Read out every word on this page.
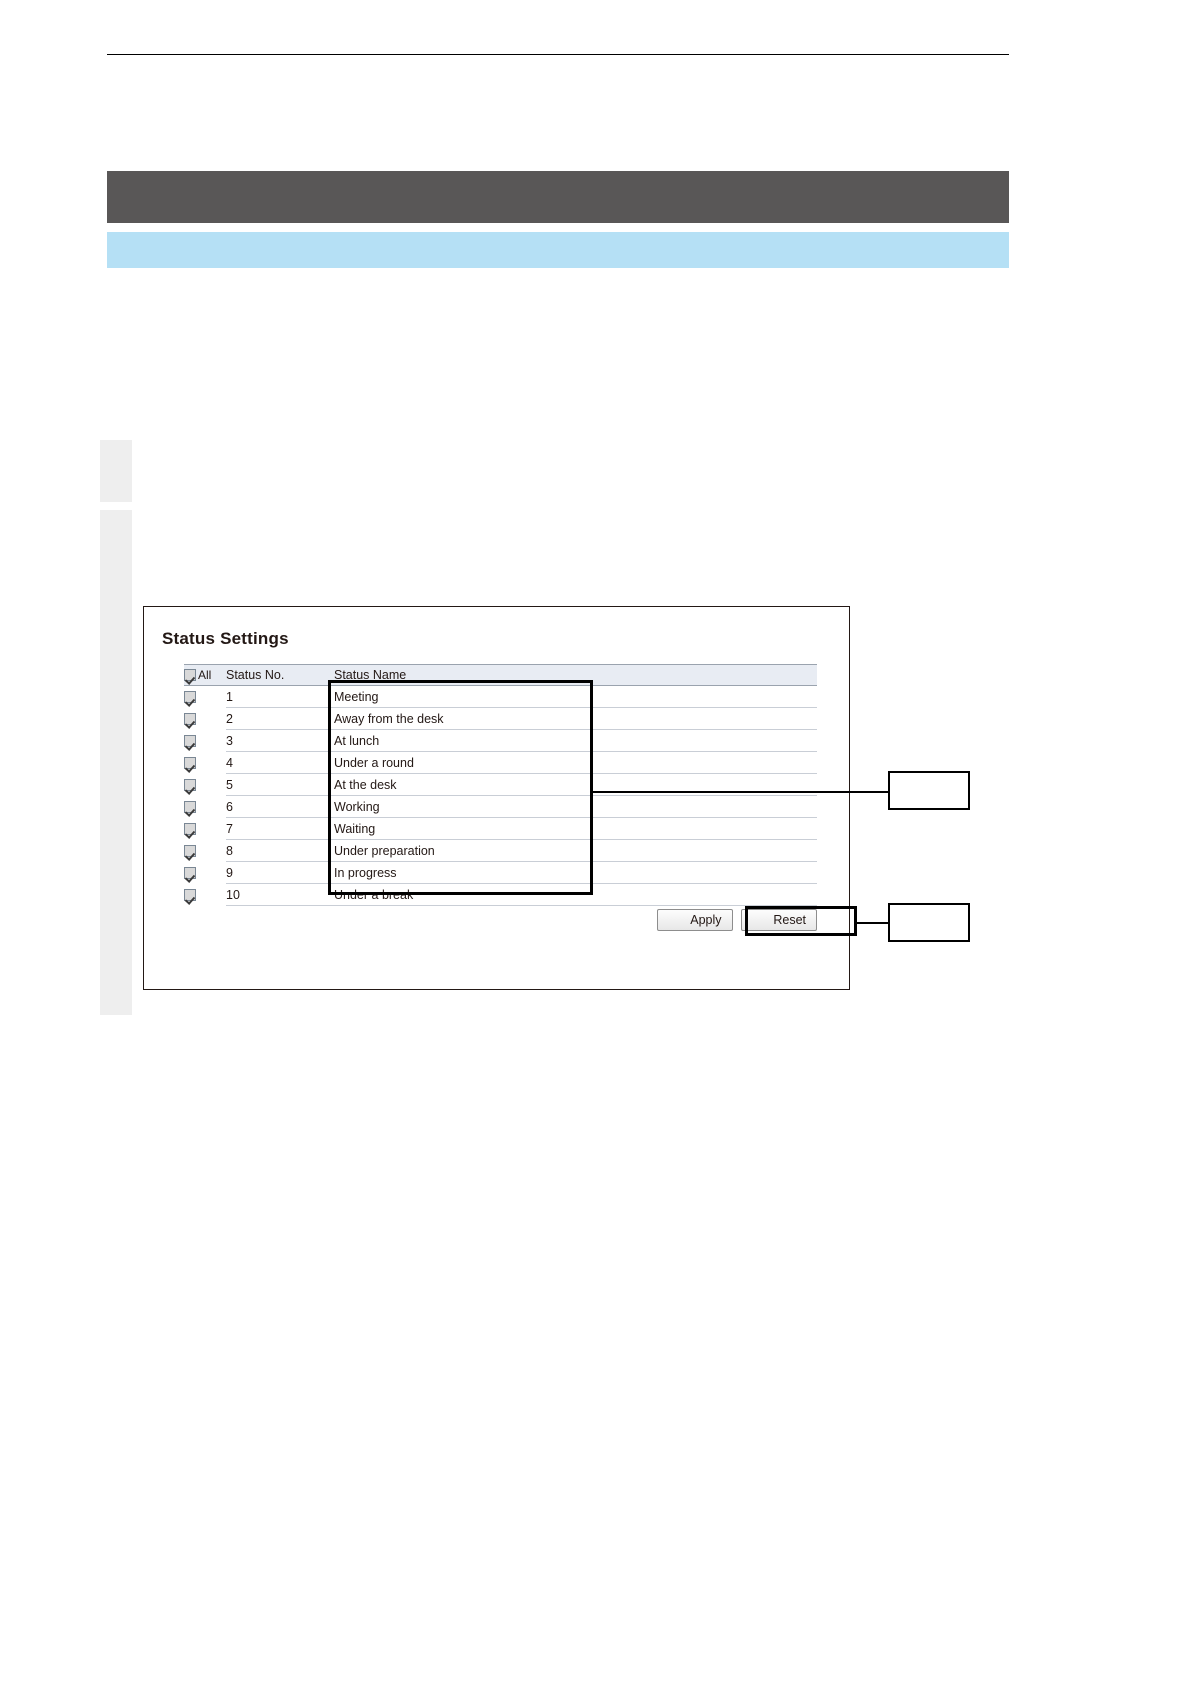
Status Settings
All	Status No.	Status Name	
	1	Meeting	
	2	Away from the desk	
	3	At lunch	
	4	Under a round	
	5	At the desk	
	6	Working	
	7	Waiting	
	8	Under preparation	
	9	In progress	
	10	Under a break	
Apply	Reset
